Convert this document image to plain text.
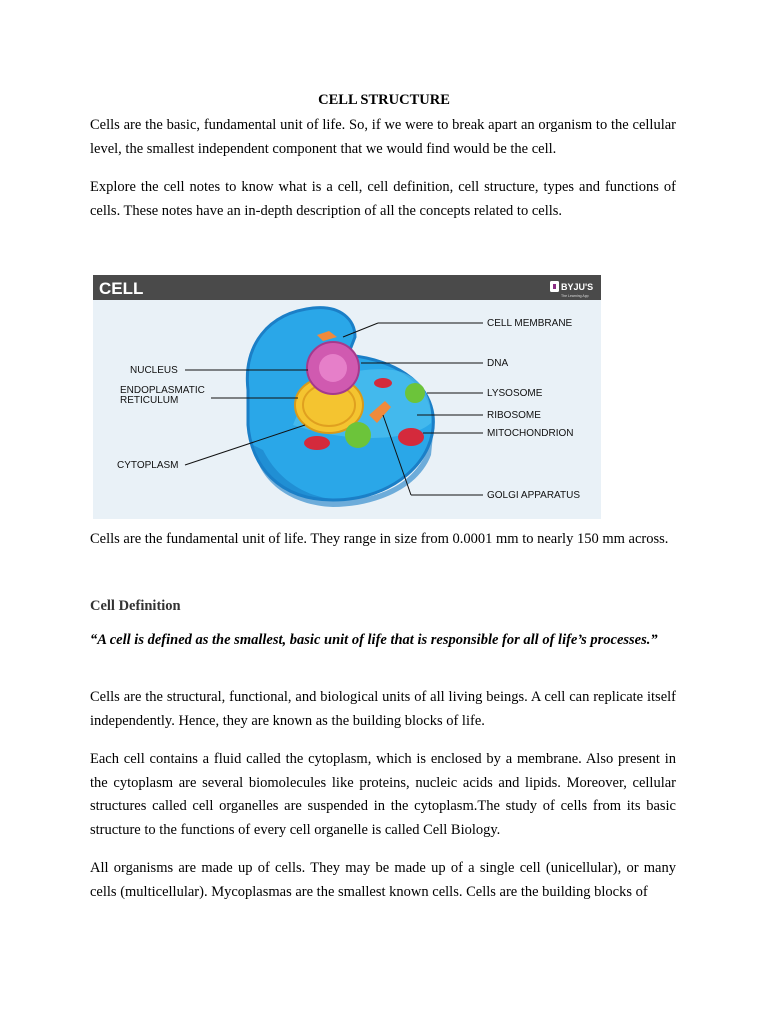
CELL STRUCTURE

Cells are the basic, fundamental unit of life. So, if we were to break apart an organism to the cellular level, the smallest independent component that we would find would be the cell.

Explore the cell notes to know what is a cell, cell definition, cell structure, types and functions of cells. These notes have an in-depth description of all the concepts related to cells.

CELL	BYJU'S
The Learning App
NUCLEUS
ENDOPLASMATIC
RETICULUM
CYTOPLASM
CELL MEMBRANE
DNA
LYSOSOME
RIBOSOME
MITOCHONDRION
GOLGI APPARATUS

Cells are the fundamental unit of life. They range in size from 0.0001 mm to nearly 150 mm across.

Cell Definition

“A cell is defined as the smallest, basic unit of life that is responsible for all of life’s processes.”

Cells are the structural, functional, and biological units of all living beings. A cell can replicate itself independently. Hence, they are known as the building blocks of life.

Each cell contains a fluid called the cytoplasm, which is enclosed by a membrane. Also present in the cytoplasm are several biomolecules like proteins, nucleic acids and lipids. Moreover, cellular structures called cell organelles are suspended in the cytoplasm.The study of cells from its basic structure to the functions of every cell organelle is called Cell Biology.

All organisms are made up of cells. They may be made up of a single cell (unicellular), or many cells (multicellular). Mycoplasmas are the smallest known cells. Cells are the building blocks of
